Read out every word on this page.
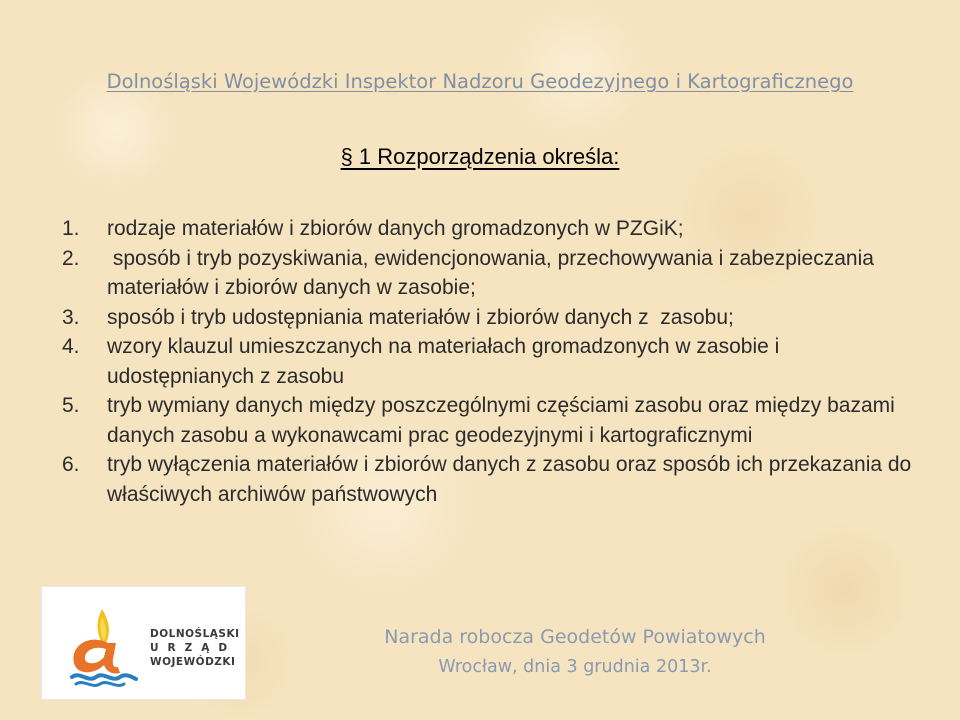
Dolnośląski Wojewódzki Inspektor Nadzoru Geodezyjnego i Kartograficznego
§ 1 Rozporządzenia określa:
1. rodzaje materiałów i zbiorów danych gromadzonych w PZGiK;
2. sposób i tryb pozyskiwania, ewidencjonowania, przechowywania i zabezpieczania materiałów i zbiorów danych w zasobie;
3. sposób i tryb udostępniania materiałów i zbiorów danych z  zasobu;
4. wzory klauzul umieszczanych na materiałach gromadzonych w zasobie i udostępnianych z zasobu
5. tryb wymiany danych między poszczególnymi częściami zasobu oraz między bazami danych zasobu a wykonawcami prac geodezyjnymi i kartograficznymi
6. tryb wyłączenia materiałów i zbiorów danych z zasobu oraz sposób ich przekazania do właściwych archiwów państwowych
DOLNOŚLĄSKI
URZĄD
WOJEWÓDZKI
Narada robocza Geodetów Powiatowych
Wrocław, dnia 3 grudnia 2013r.
